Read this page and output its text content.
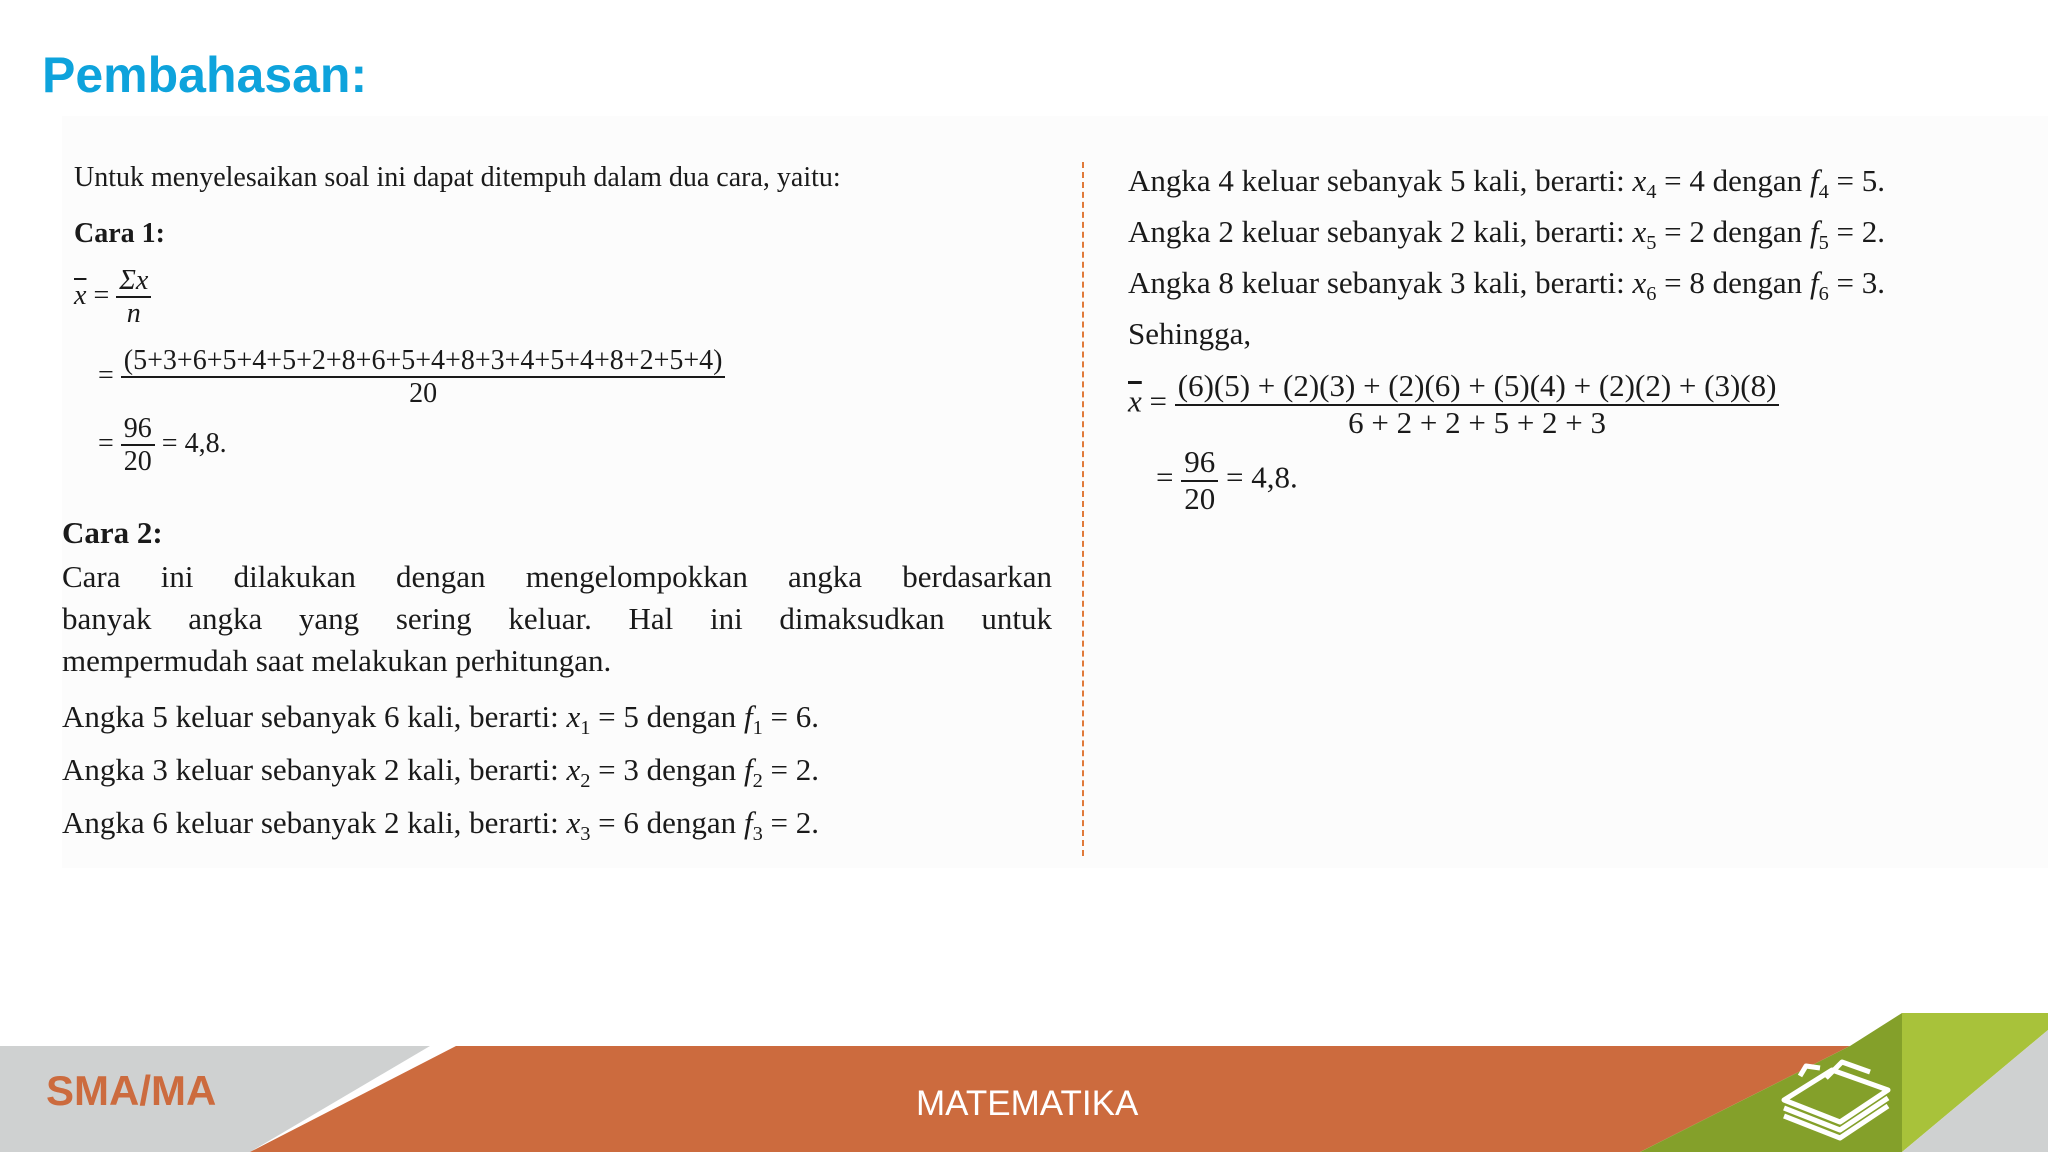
Pembahasan:
Untuk menyelesaikan soal ini dapat ditempuh dalam dua cara, yaitu:
Cara 1:
$\overline{x} = \frac{\Sigma x}{n}$
= $\frac{(5+3+6+5+4+5+2+8+6+5+4+8+3+4+5+4+8+2+5+4)}{20}$
= $\frac{96}{20} = 4,8$.
Cara 2:
Cara ini dilakukan dengan mengelompokkan angka berdasarkan
banyak angka yang sering keluar. Hal ini dimaksudkan untuk
mempermudah saat melakukan perhitungan.
Angka 5 keluar sebanyak 6 kali, berarti: $x_1 = 5$ dengan $f_1 = 6$.
Angka 3 keluar sebanyak 2 kali, berarti: $x_2 = 3$ dengan $f_2 = 2$.
Angka 6 keluar sebanyak 2 kali, berarti: $x_3 = 6$ dengan $f_3 = 2$.
Angka 4 keluar sebanyak 5 kali, berarti: $x_4 = 4$ dengan $f_4 = 5$.
Angka 2 keluar sebanyak 2 kali, berarti: $x_5 = 2$ dengan $f_5 = 2$.
Angka 8 keluar sebanyak 3 kali, berarti: $x_6 = 8$ dengan $f_6 = 3$.
Sehingga,
$\overline{x} = \frac{(6)(5) + (2)(3) + (2)(6) + (5)(4) + (2)(2) + (3)(8)}{6 + 2 + 2 + 5 + 2 + 3}$
= $\frac{96}{20} = 4,8$.

SMA/MA	MATEMATIKA
